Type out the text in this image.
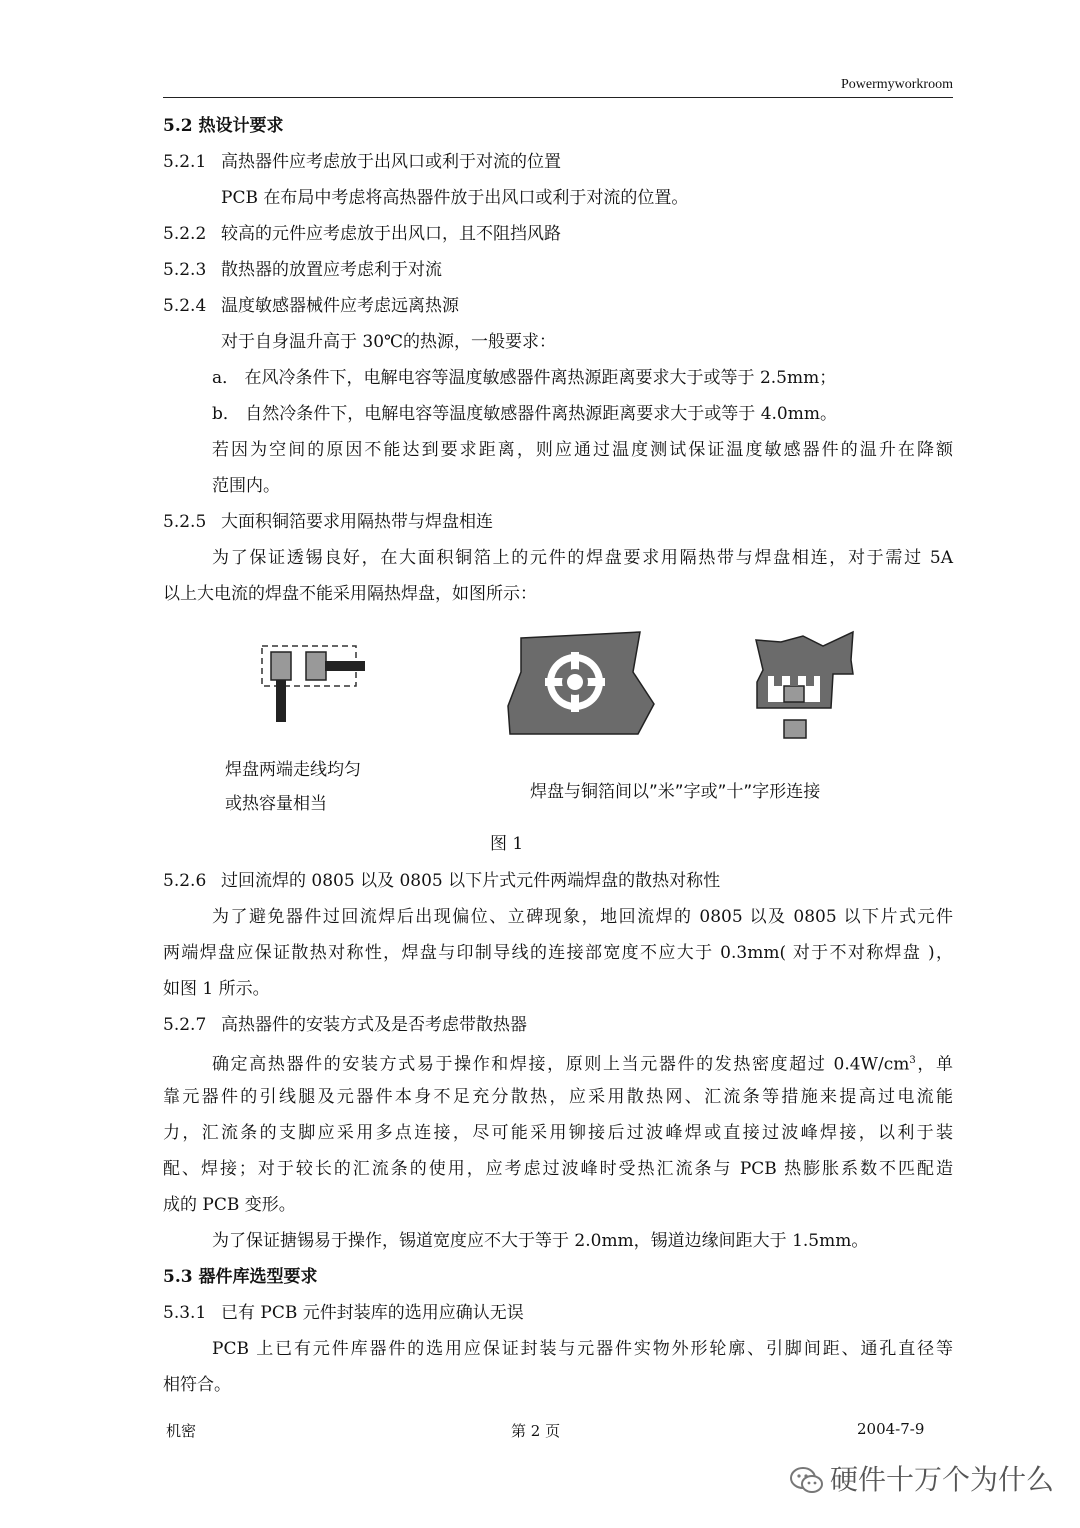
Powermyworkroom
5.2 热设计要求
5.2.1 高热器件应考虑放于出风口或利于对流的位置
PCB 在布局中考虑将高热器件放于出风口或利于对流的位置。
5.2.2 较高的元件应考虑放于出风口，且不阻挡风路
5.2.3 散热器的放置应考虑利于对流
5.2.4 温度敏感器械件应考虑远离热源
对于自身温升高于 30℃的热源，一般要求：
a． 在风冷条件下，电解电容等温度敏感器件离热源距离要求大于或等于 2.5mm；
b． 自然冷条件下，电解电容等温度敏感器件离热源距离要求大于或等于 4.0mm。
若因为空间的原因不能达到要求距离，则应通过温度测试保证温度敏感器件的温升在降额
范围内。
5.2.5 大面积铜箔要求用隔热带与焊盘相连
为了保证透锡良好，在大面积铜箔上的元件的焊盘要求用隔热带与焊盘相连，对于需过 5A
以上大电流的焊盘不能采用隔热焊盘，如图所示：
焊盘两端走线均匀
或热容量相当
焊盘与铜箔间以”米”字或”十”字形连接
图 1
5.2.6 过回流焊的 0805 以及 0805 以下片式元件两端焊盘的散热对称性
为了避免器件过回流焊后出现偏位、立碑现象，地回流焊的 0805 以及 0805 以下片式元件
两端焊盘应保证散热对称性，焊盘与印制导线的连接部宽度不应大于 0.3mm( 对于不对称焊盘 )，
如图 1 所示。
5.2.7 高热器件的安装方式及是否考虑带散热器
确定高热器件的安装方式易于操作和焊接，原则上当元器件的发热密度超过 $0.4W/cm^3$，单
靠元器件的引线腿及元器件本身不足充分散热，应采用散热网、汇流条等措施来提高过电流能
力，汇流条的支脚应采用多点连接，尽可能采用铆接后过波峰焊或直接过波峰焊接，以利于装
配、焊接；对于较长的汇流条的使用，应考虑过波峰时受热汇流条与 PCB 热膨胀系数不匹配造
成的 PCB 变形。
为了保证搪锡易于操作，锡道宽度应不大于等于 2.0mm，锡道边缘间距大于 1.5mm。
5.3 器件库选型要求
5.3.1 已有 PCB 元件封装库的选用应确认无误
PCB 上已有元件库器件的选用应保证封装与元器件实物外形轮廓、引脚间距、通孔直径等
相符合。
机密	第 2 页	2004-7-9
硬件十万个为什么
